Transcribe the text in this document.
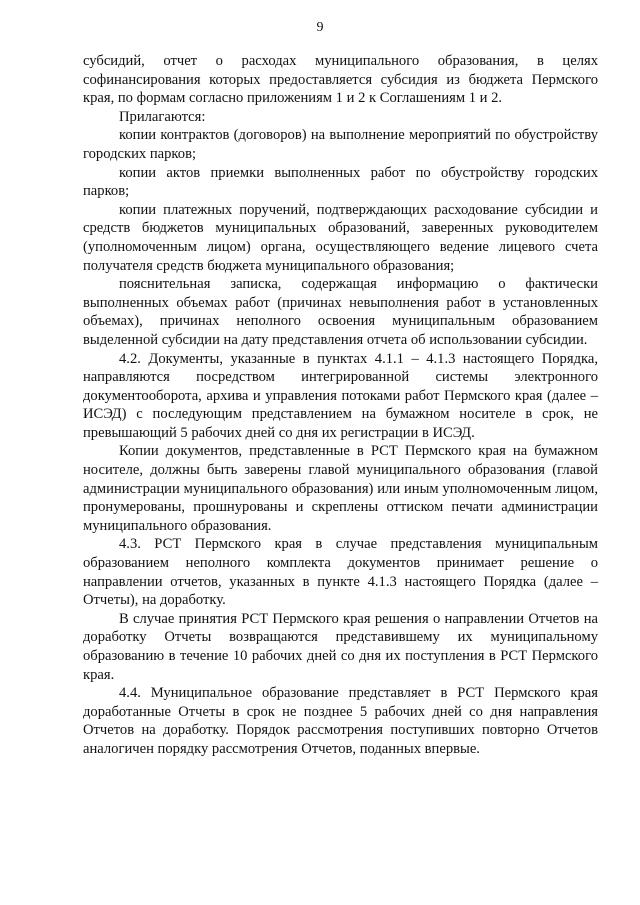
9

субсидий, отчет о расходах муниципального образования, в целях софинансирования которых предоставляется субсидия из бюджета Пермского края, по формам согласно приложениям 1 и 2 к Соглашениям 1 и 2.

Прилагаются:

копии контрактов (договоров) на выполнение мероприятий по обустройству городских парков;

копии актов приемки выполненных работ по обустройству городских парков;

копии платежных поручений, подтверждающих расходование субсидии и средств бюджетов муниципальных образований, заверенных руководителем (уполномоченным лицом) органа, осуществляющего ведение лицевого счета получателя средств бюджета муниципального образования;

пояснительная записка, содержащая информацию о фактически выполненных объемах работ (причинах невыполнения работ в установленных объемах), причинах неполного освоения муниципальным образованием выделенной субсидии на дату представления отчета об использовании субсидии.

4.2. Документы, указанные в пунктах 4.1.1 – 4.1.3 настоящего Порядка, направляются посредством интегрированной системы электронного документооборота, архива и управления потоками работ Пермского края (далее – ИСЭД) с последующим представлением на бумажном носителе в срок, не превышающий 5 рабочих дней со дня их регистрации в ИСЭД.

Копии документов, представленные в РСТ Пермского края на бумажном носителе, должны быть заверены главой муниципального образования (главой администрации муниципального образования) или иным уполномоченным лицом, пронумерованы, прошнурованы и скреплены оттиском печати администрации муниципального образования.

4.3. РСТ Пермского края в случае представления муниципальным образованием неполного комплекта документов принимает решение о направлении отчетов, указанных в пункте 4.1.3 настоящего Порядка (далее – Отчеты), на доработку.

В случае принятия РСТ Пермского края решения о направлении Отчетов на доработку Отчеты возвращаются представившему их муниципальному образованию в течение 10 рабочих дней со дня их поступления в РСТ Пермского края.

4.4. Муниципальное образование представляет в РСТ Пермского края доработанные Отчеты в срок не позднее 5 рабочих дней со дня направления Отчетов на доработку. Порядок рассмотрения поступивших повторно Отчетов аналогичен порядку рассмотрения Отчетов, поданных впервые.
